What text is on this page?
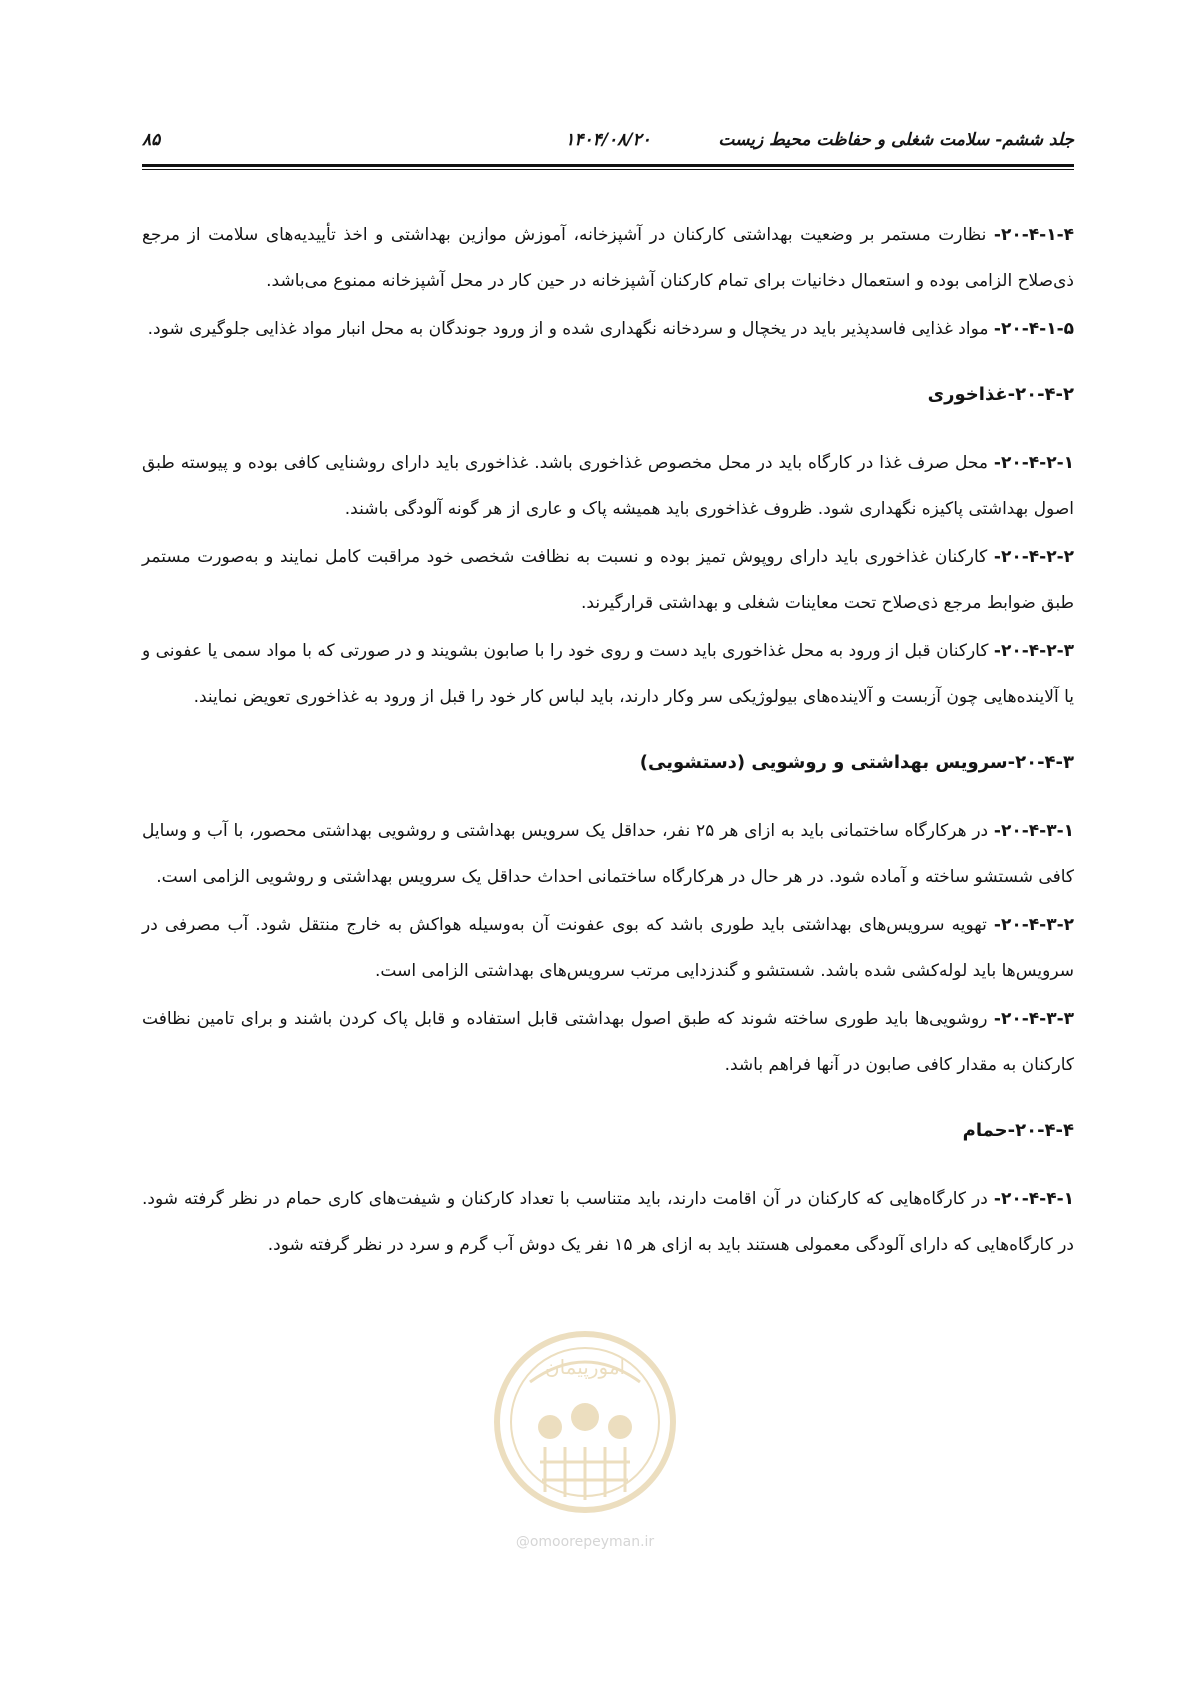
جلد ششم- سلامت شغلی و حفاظت محیط زیست
۱۴۰۴/۰۸/۲۰
۸۵

۲۰-۴-۱-۴- نظارت مستمر بر وضعیت بهداشتی کارکنان در آشپزخانه، آموزش موازین بهداشتی و اخذ تأییدیه‌های سلامت از مرجع ذی‌صلاح الزامی بوده و استعمال دخانیات برای تمام کارکنان آشپزخانه در حین کار در محل آشپزخانه ممنوع می‌باشد.

۲۰-۴-۱-۵- مواد غذایی فاسدپذیر باید در یخچال و سردخانه نگهداری شده و از ورود جوندگان به محل انبار مواد غذایی جلوگیری شود.

۲۰-۴-۲-غذاخوری

۲۰-۴-۲-۱- محل صرف غذا در کارگاه باید در محل مخصوص غذاخوری باشد. غذاخوری باید دارای روشنایی کافی بوده و پیوسته طبق اصول بهداشتی پاکیزه نگهداری شود. ظروف غذاخوری باید همیشه پاک و عاری از هر گونه آلودگی باشند.

۲۰-۴-۲-۲- کارکنان غذاخوری باید دارای روپوش تمیز بوده و نسبت به نظافت شخصی خود مراقبت کامل نمایند و به‌صورت مستمر طبق ضوابط مرجع ذی‌صلاح تحت معاینات شغلی و بهداشتی قرارگیرند.

۲۰-۴-۲-۳- کارکنان قبل از ورود به محل غذاخوری باید دست و روی خود را با صابون بشویند و در صورتی که با مواد سمی یا عفونی و یا آلاینده‌هایی چون آزبست و آلاینده‌های بیولوژیکی سر وکار دارند، باید لباس کار خود را قبل از ورود به غذاخوری تعویض نمایند.

۲۰-۴-۳-سرویس بهداشتی و روشویی (دستشویی)

۲۰-۴-۳-۱- در هرکارگاه ساختمانی باید به ازای هر ۲۵ نفر، حداقل یک سرویس بهداشتی و روشویی بهداشتی محصور، با آب و وسایل کافی شستشو ساخته و آماده شود. در هر حال در هرکارگاه ساختمانی احداث حداقل یک سرویس بهداشتی و روشویی الزامی است.

۲۰-۴-۳-۲- تهویه سرویس‌های بهداشتی باید طوری باشد که بوی عفونت آن به‌وسیله هواکش به خارج منتقل شود. آب مصرفی در سرویس‌ها باید لوله‌کشی شده باشد. شستشو و گندزدایی مرتب سرویس‌های بهداشتی الزامی است.

۲۰-۴-۳-۳- روشویی‌ها باید طوری ساخته شوند که طبق اصول بهداشتی قابل استفاده و قابل پاک کردن باشند و برای تامین نظافت کارکنان به مقدار کافی صابون در آنها فراهم باشد.

۲۰-۴-۴-حمام

۲۰-۴-۴-۱- در کارگاه‌هایی که کارکنان در آن اقامت دارند، باید متناسب با تعداد کارکنان و شیفت‌های کاری حمام در نظر گرفته شود. در کارگاه‌هایی که دارای آلودگی معمولی هستند باید به ازای هر ۱۵ نفر یک دوش آب گرم و سرد در نظر گرفته شود.

امورپیمان
@omoorepeyman.ir
